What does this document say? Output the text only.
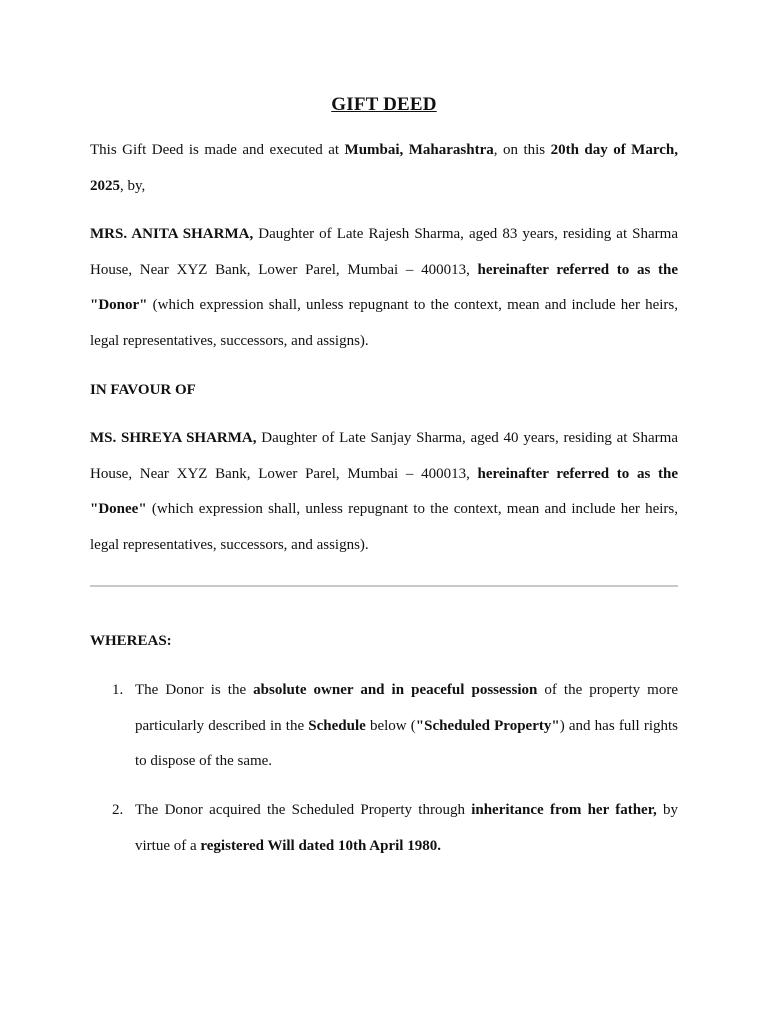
GIFT DEED

This Gift Deed is made and executed at Mumbai, Maharashtra, on this 20th day of March, 2025, by,

MRS. ANITA SHARMA, Daughter of Late Rajesh Sharma, aged 83 years, residing at Sharma House, Near XYZ Bank, Lower Parel, Mumbai – 400013, hereinafter referred to as the "Donor" (which expression shall, unless repugnant to the context, mean and include her heirs, legal representatives, successors, and assigns).

IN FAVOUR OF

MS. SHREYA SHARMA, Daughter of Late Sanjay Sharma, aged 40 years, residing at Sharma House, Near XYZ Bank, Lower Parel, Mumbai – 400013, hereinafter referred to as the "Donee" (which expression shall, unless repugnant to the context, mean and include her heirs, legal representatives, successors, and assigns).

WHEREAS:

1. The Donor is the absolute owner and in peaceful possession of the property more particularly described in the Schedule below ("Scheduled Property") and has full rights to dispose of the same.

2. The Donor acquired the Scheduled Property through inheritance from her father, by virtue of a registered Will dated 10th April 1980.
